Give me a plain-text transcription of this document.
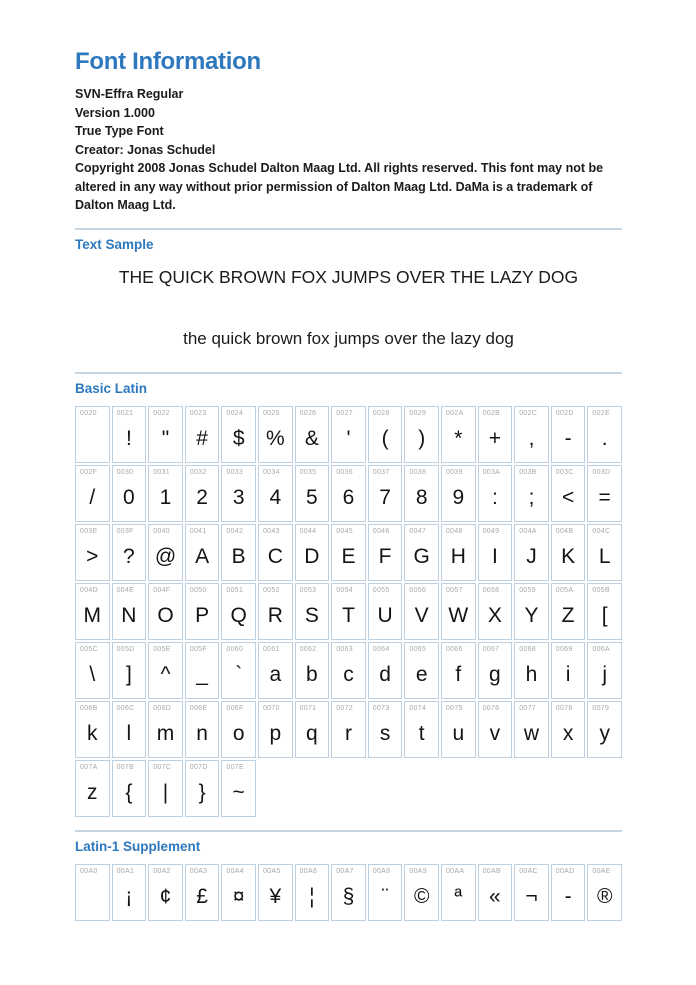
Font Information

SVN-Effra Regular

Version 1.000

True Type Font

Creator: Jonas Schudel

Copyright 2008 Jonas Schudel Dalton Maag Ltd. All rights reserved. This font may not be altered in any way without prior permission of Dalton Maag Ltd. DaMa is a trademark of Dalton Maag Ltd.

Text Sample

THE QUICK BROWN FOX JUMPS OVER THE LAZY DOG

the quick brown fox jumps over the lazy dog

Basic Latin
0020	0021
!
0022
"
0023
#
0024
$
0025
%
0026
&
0027
'
0028
(
0029
)
002A
*
002B
+
002C
,
002D
-
002E
.
002F
/
0030
0
0031
1
0032
2
0033
3
0034
4
0035
5
0036
6
0037
7
0038
8
0039
9
003A
:
003B
;
003C
<
003D
=
003E
>
003F
?
0040
@
0041
A
0042
B
0043
C
0044
D
0045
E
0046
F
0047
G
0048
H
0049
I
004A
J
004B
K
004C
L
004D
M
004E
N
004F
O
0050
P
0051
Q
0052
R
0053
S
0054
T
0055
U
0056
V
0057
W
0058
X
0059
Y
005A
Z
005B
[
005C
\
005D
]
005E
^
005F
_
0060
`
0061
a
0062
b
0063
c
0064
d
0065
e
0066
f
0067
g
0068
h
0069
i
006A
j
006B
k
006C
l
006D
m
006E
n
006F
o
0070
p
0071
q
0072
r
0073
s
0074
t
0075
u
0076
v
0077
w
0078
x
0079
y
007A
z
007B
{
007C
|
007D
}
007E
~
Latin-1 Supplement
00A0	00A1
¡
00A2
¢
00A3
£
00A4
¤
00A5
¥
00A6
¦
00A7
§
00A8
¨
00A9
©
00AA
ª
00AB
«
00AC
¬
00AD
-
00AE
®
